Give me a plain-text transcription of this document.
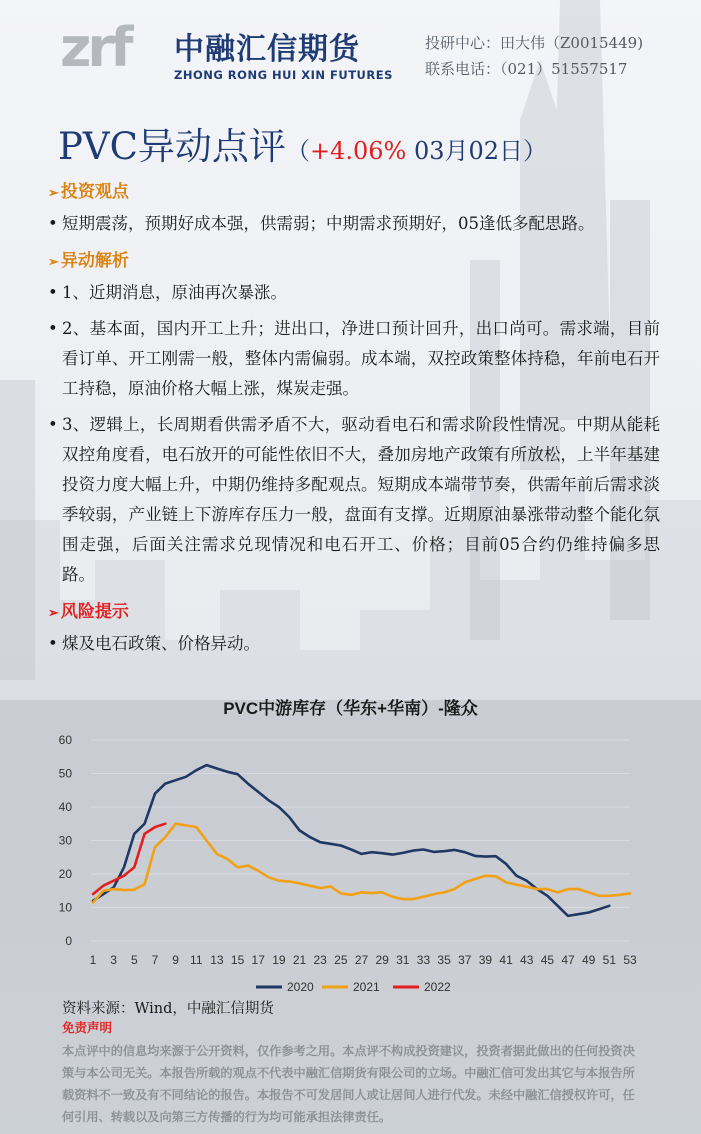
zrf 中融汇信期货
ZHONG RONG HUI XIN FUTURES
投研中心：田大伟（Z0015449)
联系电话：（021）51557517
PVC异动点评（+4.06% 03月02日）
➢ 投资观点
• 短期震荡，预期好成本强，供需弱；中期需求预期好，05逢低多配思路。
➢ 异动解析
• 1、近期消息，原油再次暴涨。
• 2、基本面，国内开工上升；进出口，净进口预计回升，出口尚可。需求端，目前看订单、开工刚需一般，整体内需偏弱。成本端，双控政策整体持稳，年前电石开工持稳，原油价格大幅上涨，煤炭走强。
• 3、逻辑上，长周期看供需矛盾不大，驱动看电石和需求阶段性情况。中期从能耗双控角度看，电石放开的可能性依旧不大，叠加房地产政策有所放松，上半年基建投资力度大幅上升，中期仍维持多配观点。短期成本端带节奏，供需年前后需求淡季较弱，产业链上下游库存压力一般，盘面有支撑。近期原油暴涨带动整个能化氛围走强，后面关注需求兑现情况和电石开工、价格；目前05合约仍维持偏多思路。
➢ 风险提示
• 煤及电石政策、价格异动。
PVC中游库存（华东+华南）-隆众
0
10
20
30
40
50
60
1 3 5 7 9 11 13 15 17 19 21 23 25 27 29 31 33 35 37 39 41 43 45 47 49 51 53
2020	2021	2022
资料来源：Wind，中融汇信期货
免责声明
本点评中的信息均来源于公开资料，仅作参考之用。本点评不构成投资建议，投资者据此做出的任何投资决策与本公司无关。本报告所载的观点不代表中融汇信期货有限公司的立场。中融汇信可发出其它与本报告所载资料不一致及有不同结论的报告。本报告不可发居间人或让居间人进行代发。未经中融汇信授权许可，任何引用、转载以及向第三方传播的行为均可能承担法律责任。
